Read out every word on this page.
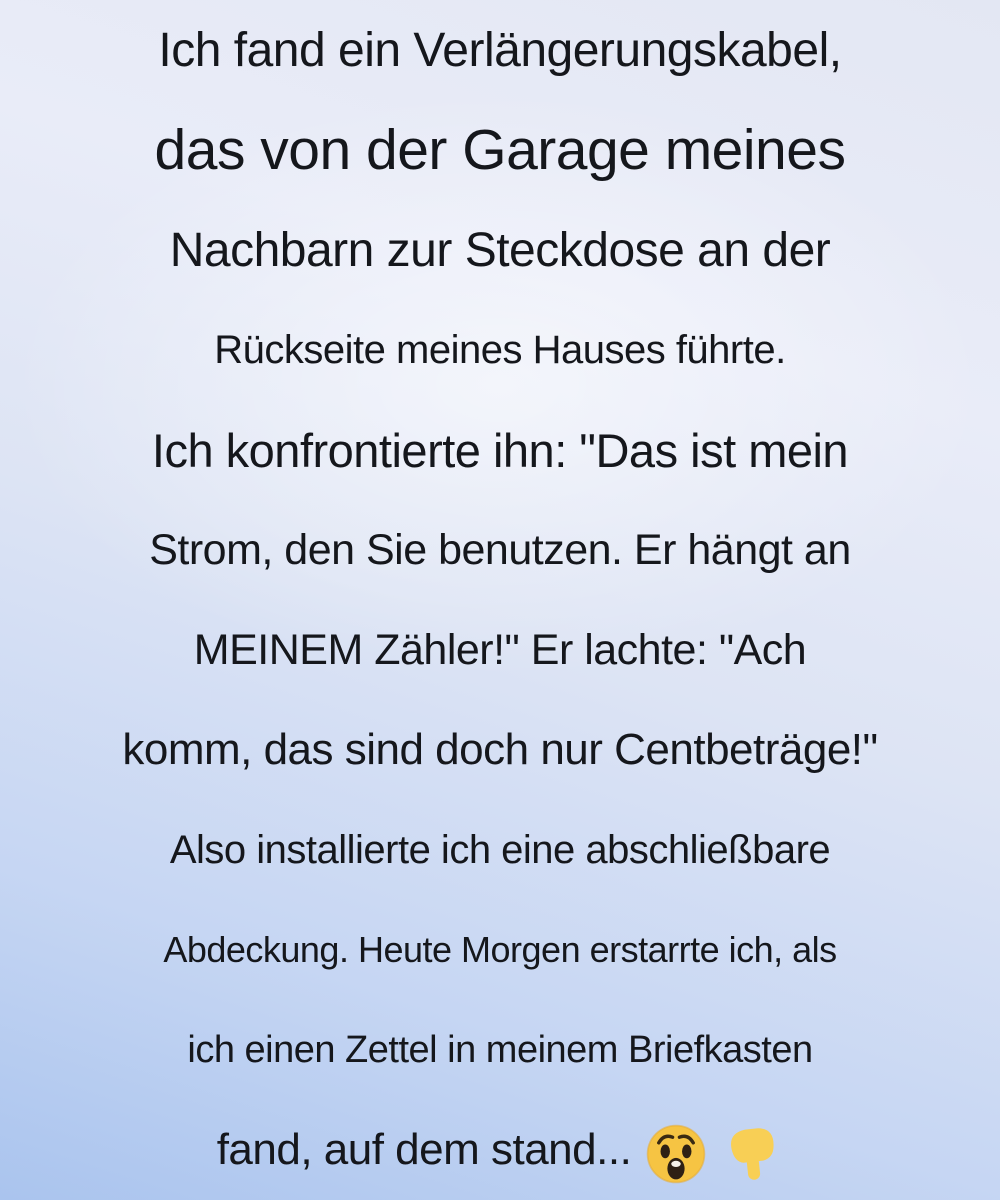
Ich fand ein Verlängerungskabel,
das von der Garage meines
Nachbarn zur Steckdose an der
Rückseite meines Hauses führte.
Ich konfrontierte ihn: "Das ist mein
Strom, den Sie benutzen. Er hängt an
MEINEM Zähler!" Er lachte: "Ach
komm, das sind doch nur Centbeträge!"
Also installierte ich eine abschließbare
Abdeckung. Heute Morgen erstarrte ich, als
ich einen Zettel in meinem Briefkasten
fand, auf dem stand...
